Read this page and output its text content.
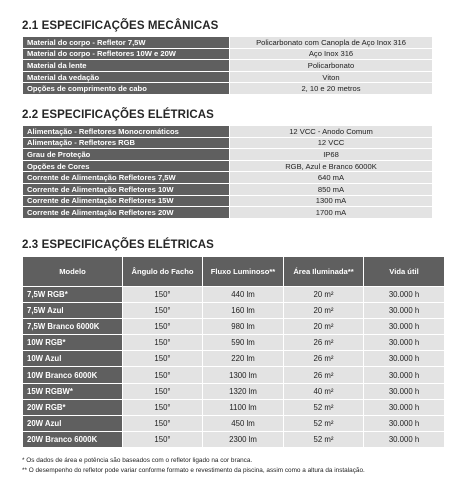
2.1 ESPECIFICAÇÕES MECÂNICAS
Material do corpo - Refletor 7,5W	Policarbonato com Canopla de Aço Inox 316
Material do corpo - Refletores 10W e 20W	Aço Inox 316
Material da lente	Policarbonato
Material da vedação	Viton
Opções de comprimento de cabo	2, 10 e 20 metros
2.2 ESPECIFICAÇÕES ELÉTRICAS
Alimentação - Refletores Monocromáticos	12 VCC - Anodo Comum
Alimentação - Refletores RGB	12 VCC
Grau de Proteção	IP68
Opções de Cores	RGB, Azul e Branco 6000K
Corrente de Alimentação Refletores 7,5W	640 mA
Corrente de Alimentação Refletores 10W	850 mA
Corrente de Alimentação Refletores 15W	1300 mA
Corrente de Alimentação Refletores 20W	1700 mA
2.3 ESPECIFICAÇÕES ELÉTRICAS
Modelo	Ângulo do Facho	Fluxo Luminoso**	Área Iluminada**	Vida útil
7,5W RGB*	150°	440 lm	20 m²	30.000 h
7,5W Azul	150°	160 lm	20 m²	30.000 h
7,5W Branco 6000K	150°	980 lm	20 m²	30.000 h
10W RGB*	150°	590 lm	26 m²	30.000 h
10W Azul	150°	220 lm	26 m²	30.000 h
10W Branco 6000K	150°	1300 lm	26 m²	30.000 h
15W RGBW*	150°	1320 lm	40 m²	30.000 h
20W RGB*	150°	1100 lm	52 m²	30.000 h
20W Azul	150°	450 lm	52 m²	30.000 h
20W Branco 6000K	150°	2300 lm	52 m²	30.000 h
* Os dados de área e potência são baseados com o refletor ligado na cor branca.
** O desempenho do refletor pode variar conforme formato e revestimento da piscina, assim como a altura da instalação.
